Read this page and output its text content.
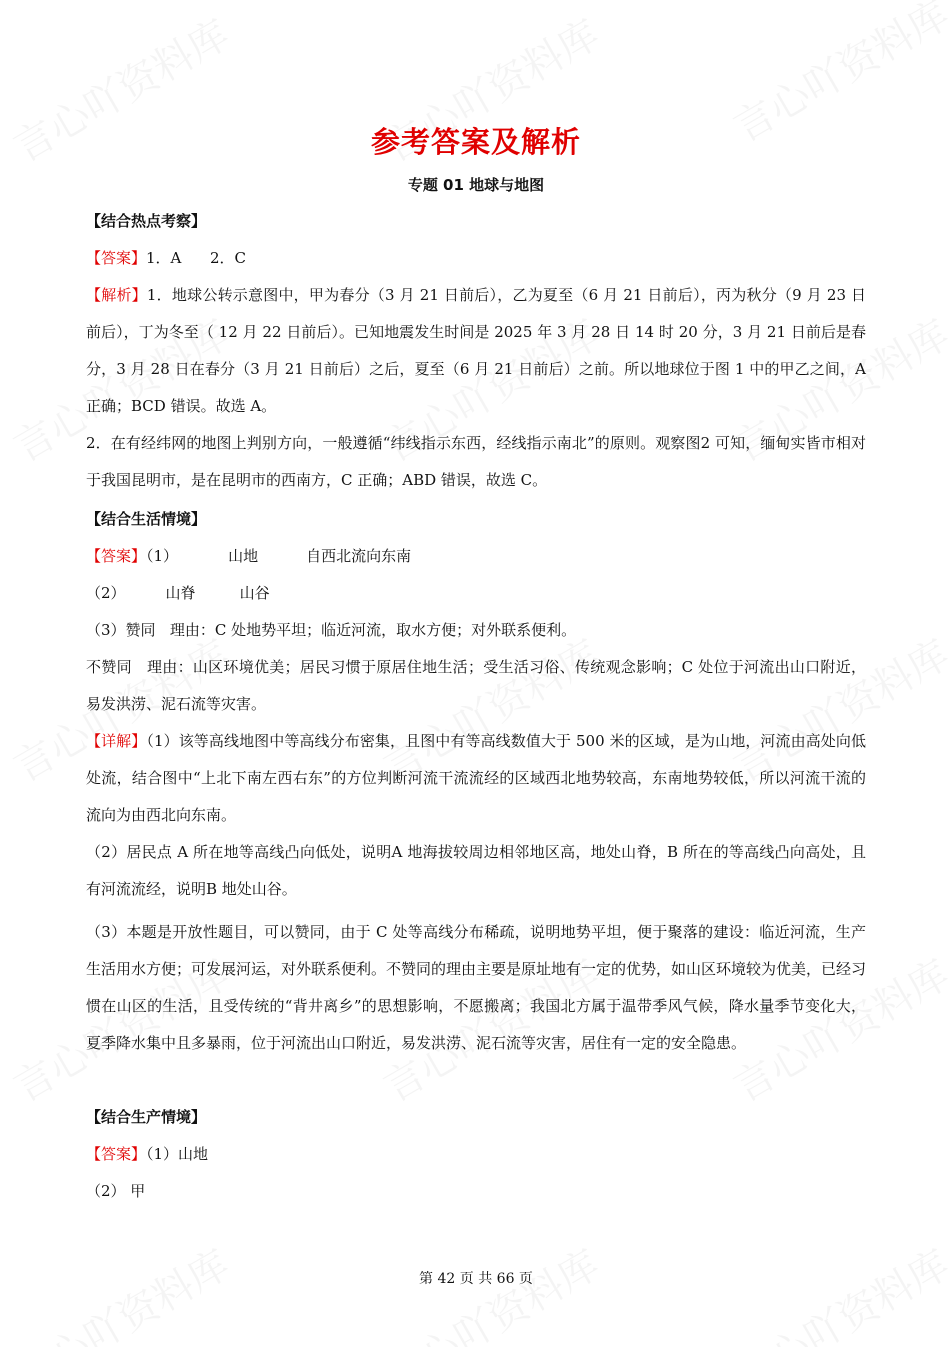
参考答案及解析
专题 01 地球与地图

【结合热点考察】

【答案】1．A      2．C

【解析】1．地球公转示意图中，甲为春分（3 月 21 日前后），乙为夏至（6 月 21 日前后），丙为秋分（9 月 23 日前后），丁为冬至（ 12 月 22 日前后）。已知地震发生时间是 2025 年 3 月 28 日 14 时 20 分，3 月 21 日前后是春分，3 月 28 日在春分（3 月 21 日前后）之后，夏至（6 月 21 日前后）之前。所以地球位于图 1 中的甲乙之间，A 正确；BCD 错误。故选 A。

2．在有经纬网的地图上判别方向，一般遵循“纬线指示东西，经线指示南北”的原则。观察图2 可知，缅甸实皆市相对于我国昆明市，是在昆明市的西南方，C 正确；ABD 错误，故选 C。

【结合生活情境】

【答案】（1）	山地	自西北流向东南

（2）	山脊	山谷

（3）赞同   理由：C 处地势平坦；临近河流，取水方便；对外联系便利。

不赞同   理由：山区环境优美；居民习惯于原居住地生活；受生活习俗、传统观念影响；C 处位于河流出山口附近，易发洪涝、泥石流等灾害。

【详解】（1）该等高线地图中等高线分布密集，且图中有等高线数值大于 500 米的区域，是为山地，河流由高处向低处流，结合图中“上北下南左西右东”的方位判断河流干流流经的区域西北地势较高，东南地势较低，所以河流干流的流向为由西北向东南。

（2）居民点 A 所在地等高线凸向低处，说明A 地海拔较周边相邻地区高，地处山脊，B 所在的等高线凸向高处，且有河流流经，说明B 地处山谷。

（3）本题是开放性题目，可以赞同，由于 C 处等高线分布稀疏，说明地势平坦，便于聚落的建设：临近河流，生产生活用水方便；可发展河运，对外联系便利。不赞同的理由主要是原址地有一定的优势，如山区环境较为优美，已经习惯在山区的生活，且受传统的“背井离乡”的思想影响，不愿搬离；我国北方属于温带季风气候，降水量季节变化大，夏季降水集中且多暴雨，位于河流出山口附近，易发洪涝、泥石流等灾害，居住有一定的安全隐患。

【结合生产情境】

【答案】（1）山地

（2） 甲

第 42 页 共 66 页
